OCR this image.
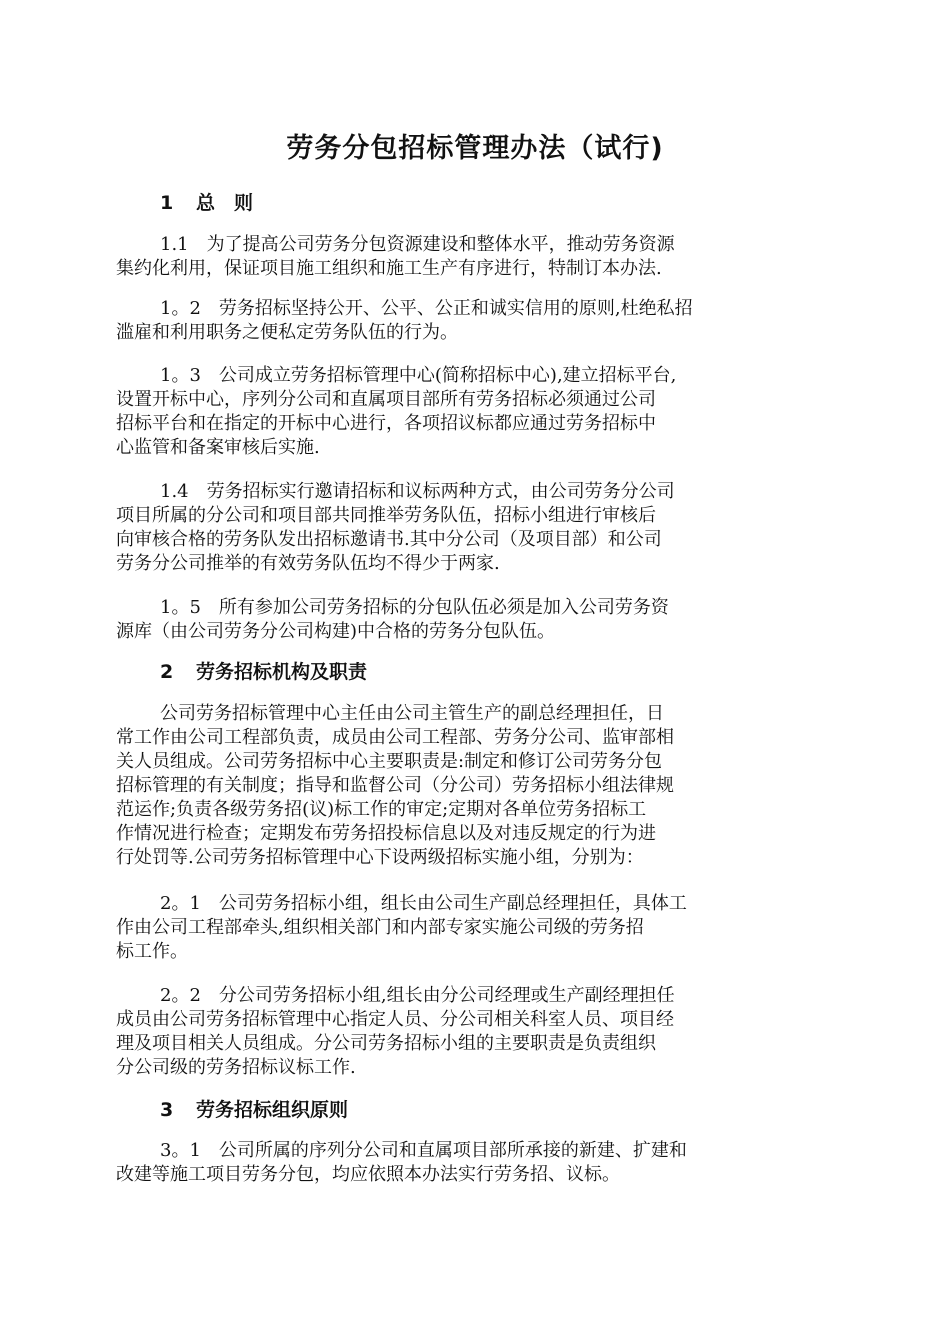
劳务分包招标管理办法（试行)
1 总　则

1.1　为了提高公司劳务分包资源建设和整体水平，推动劳务资源
集约化利用，保证项目施工组织和施工生产有序进行，特制订本办法.

1。2　劳务招标坚持公开、公平、公正和诚实信用的原则,杜绝私招
滥雇和利用职务之便私定劳务队伍的行为。

1。3　公司成立劳务招标管理中心(简称招标中心),建立招标平台,
设置开标中心，序列分公司和直属项目部所有劳务招标必须通过公司
招标平台和在指定的开标中心进行，各项招议标都应通过劳务招标中
心监管和备案审核后实施.

1.4　劳务招标实行邀请招标和议标两种方式，由公司劳务分公司
项目所属的分公司和项目部共同推举劳务队伍，招标小组进行审核后
向审核合格的劳务队发出招标邀请书.其中分公司（及项目部）和公司
劳务分公司推举的有效劳务队伍均不得少于两家.

1。5　所有参加公司劳务招标的分包队伍必须是加入公司劳务资
源库（由公司劳务分公司构建)中合格的劳务分包队伍。

2 劳务招标机构及职责

公司劳务招标管理中心主任由公司主管生产的副总经理担任，日
常工作由公司工程部负责，成员由公司工程部、劳务分公司、监审部相
关人员组成。公司劳务招标中心主要职责是:制定和修订公司劳务分包
招标管理的有关制度；指导和监督公司（分公司）劳务招标小组法律规
范运作;负责各级劳务招(议)标工作的审定;定期对各单位劳务招标工
作情况进行检查；定期发布劳务招投标信息以及对违反规定的行为进
行处罚等.公司劳务招标管理中心下设两级招标实施小组，分别为：

2。1　公司劳务招标小组，组长由公司生产副总经理担任，具体工
作由公司工程部牵头,组织相关部门和内部专家实施公司级的劳务招
标工作。

2。2　分公司劳务招标小组,组长由分公司经理或生产副经理担任
成员由公司劳务招标管理中心指定人员、分公司相关科室人员、项目经
理及项目相关人员组成。分公司劳务招标小组的主要职责是负责组织
分公司级的劳务招标议标工作.

3 劳务招标组织原则

3。1　公司所属的序列分公司和直属项目部所承接的新建、扩建和
改建等施工项目劳务分包，均应依照本办法实行劳务招、议标。
